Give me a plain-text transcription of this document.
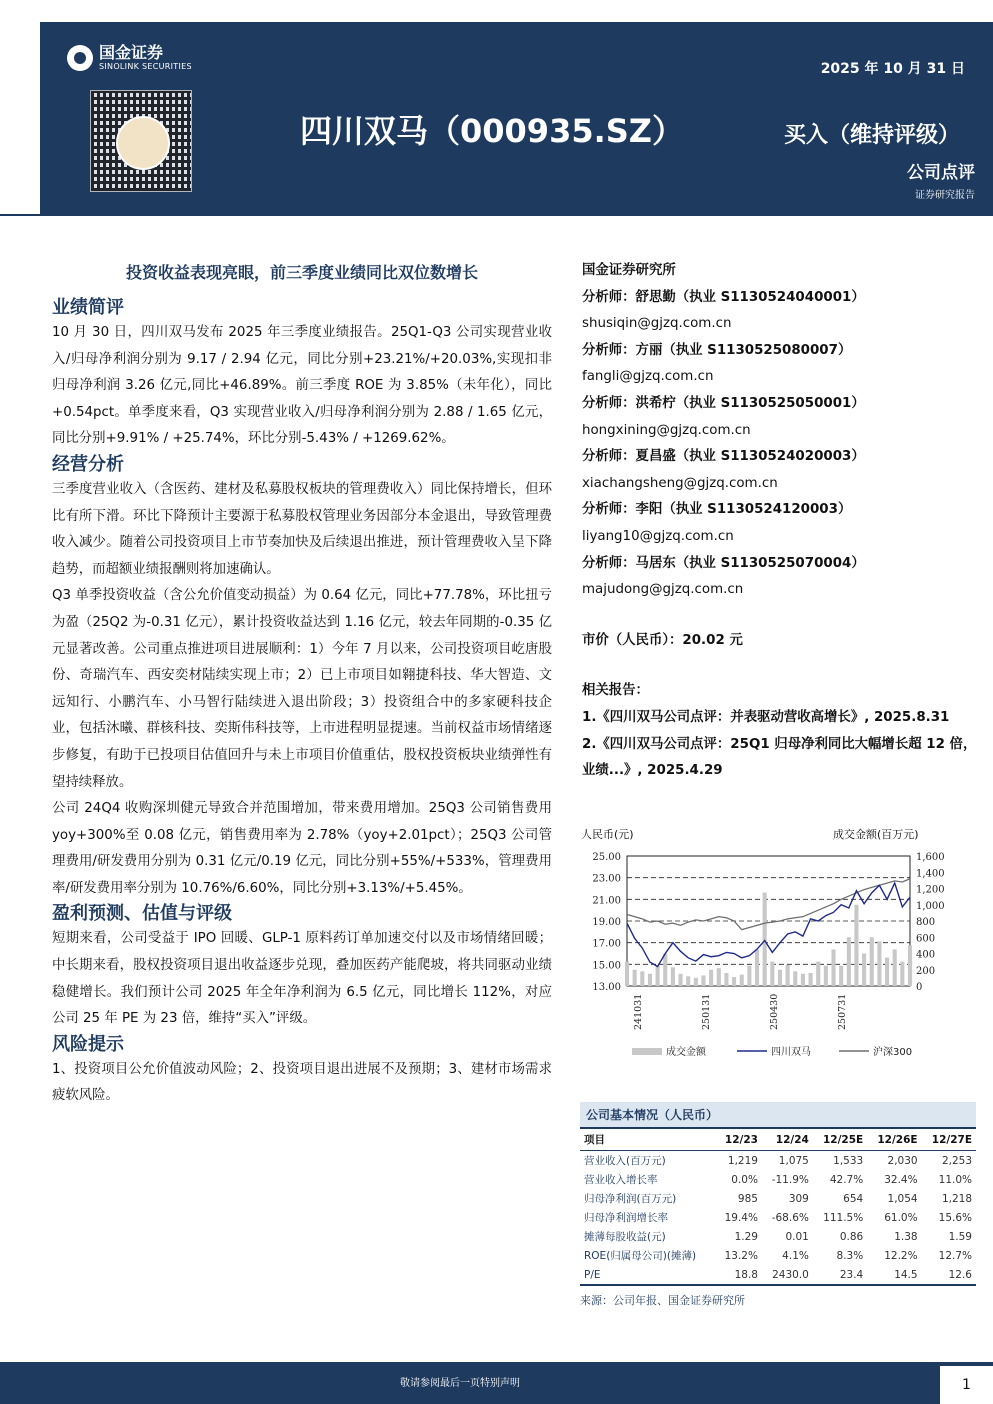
国金证券
SINOLINK SECURITIES	2025 年 10 月 31 日
四川双马（000935.SZ）	买入（维持评级）
公司点评
证券研究报告
投资收益表现亮眼，前三季度业绩同比双位数增长
业绩简评

10 月 30 日，四川双马发布 2025 年三季度业绩报告。25Q1-Q3 公司实现营业收入/归母净利润分别为 9.17 / 2.94 亿元，同比分别+23.21%/+20.03%,实现扣非归母净利润 3.26 亿元,同比+46.89%。前三季度 ROE 为 3.85%（未年化），同比+0.54pct。单季度来看，Q3 实现营业收入/归母净利润分别为 2.88 / 1.65 亿元，同比分别+9.91% / +25.74%，环比分别-5.43% / +1269.62%。

经营分析

三季度营业收入（含医药、建材及私募股权板块的管理费收入）同比保持增长，但环比有所下滑。环比下降预计主要源于私募股权管理业务因部分本金退出，导致管理费收入减少。随着公司投资项目上市节奏加快及后续退出推进，预计管理费收入呈下降趋势，而超额业绩报酬则将加速确认。

Q3 单季投资收益（含公允价值变动损益）为 0.64 亿元，同比+77.78%，环比扭亏为盈（25Q2 为-0.31 亿元），累计投资收益达到 1.16 亿元，较去年同期的-0.35 亿元显著改善。公司重点推进项目进展顺利：1）今年 7 月以来，公司投资项目屹唐股份、奇瑞汽车、西安奕材陆续实现上市；2）已上市项目如翱捷科技、华大智造、文远知行、小鹏汽车、小马智行陆续进入退出阶段；3）投资组合中的多家硬科技企业，包括沐曦、群核科技、奕斯伟科技等，上市进程明显提速。当前权益市场情绪逐步修复，有助于已投项目估值回升与未上市项目价值重估，股权投资板块业绩弹性有望持续释放。

公司 24Q4 收购深圳健元导致合并范围增加，带来费用增加。25Q3 公司销售费用 yoy+300%至 0.08 亿元，销售费用率为 2.78%（yoy+2.01pct）；25Q3 公司管理费用/研发费用分别为 0.31 亿元/0.19 亿元，同比分别+55%/+533%，管理费用率/研发费用率分别为 10.76%/6.60%，同比分别+3.13%/+5.45%。

盈利预测、估值与评级

短期来看，公司受益于 IPO 回暖、GLP-1 原料药订单加速交付以及市场情绪回暖；中长期来看，股权投资项目退出收益逐步兑现，叠加医药产能爬坡，将共同驱动业绩稳健增长。我们预计公司 2025 年全年净利润为 6.5 亿元，同比增长 112%，对应公司 25 年 PE 为 23 倍，维持“买入”评级。

风险提示

1、投资项目公允价值波动风险；2、投资项目退出进展不及预期；3、建材市场需求疲软风险。

国金证券研究所

分析师：舒思勤（执业 S1130524040001）

shusiqin@gjzq.com.cn

分析师：方丽（执业 S1130525080007）

fangli@gjzq.com.cn

分析师：洪希柠（执业 S1130525050001）

hongxining@gjzq.com.cn

分析师：夏昌盛（执业 S1130524020003）

xiachangsheng@gjzq.com.cn

分析师：李阳（执业 S1130524120003）

liyang10@gjzq.com.cn

分析师：马居东（执业 S1130525070004）

majudong@gjzq.com.cn

市价（人民币）：20.02 元

相关报告：

1.《四川双马公司点评：并表驱动营收高增长》, 2025.8.31

2.《四川双马公司点评：25Q1 归母净利同比大幅增长超 12 倍，业绩...》, 2025.4.29

人民币(元)	成交金额(百万元)
25.00
23.00
21.00
19.00
17.00
15.00
13.00
1,600
1,400
1,200
1,000
800
600
400
200
0
241031	250131	250430	250731
成交金额	四川双马	沪深300
公司基本情况（人民币）
项目	12/23	12/24	12/25E	12/26E	12/27E
营业收入(百万元)	1,219	1,075	1,533	2,030	2,253
营业收入增长率	0.0%	-11.9%	42.7%	32.4%	11.0%
归母净利润(百万元)	985	309	654	1,054	1,218
归母净利润增长率	19.4%	-68.6%	111.5%	61.0%	15.6%
摊薄每股收益(元)	1.29	0.01	0.86	1.38	1.59
ROE(归属母公司)(摊薄)	13.2%	4.1%	8.3%	12.2%	12.7%
P/E	18.8	2430.0	23.4	14.5	12.6
来源：公司年报、国金证券研究所
敬请参阅最后一页特别声明	1
